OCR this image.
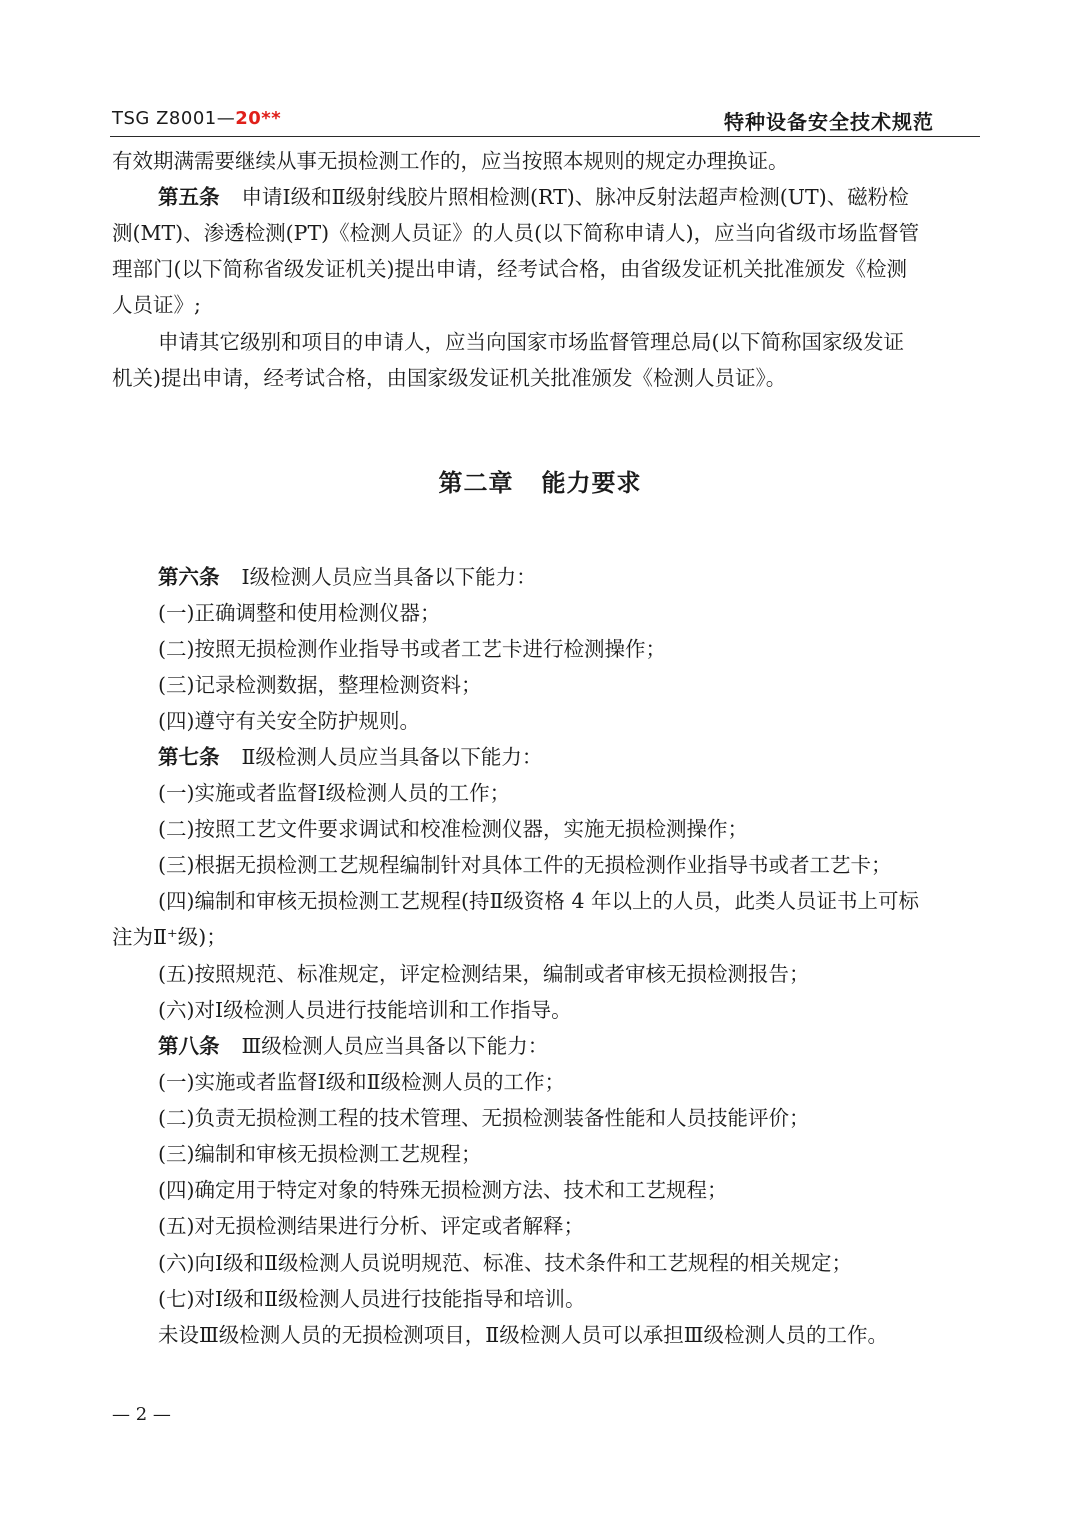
TSG Z8001—20**	特种设备安全技术规范
有效期满需要继续从事无损检测工作的，应当按照本规则的规定办理换证。
第五条 申请Ⅰ级和Ⅱ级射线胶片照相检测(RT)、脉冲反射法超声检测(UT)、磁粉检
测(MT)、渗透检测(PT)《检测人员证》的人员(以下简称申请人)，应当向省级市场监督管
理部门(以下简称省级发证机关)提出申请，经考试合格，由省级发证机关批准颁发《检测
人员证》;
申请其它级别和项目的申请人，应当向国家市场监督管理总局(以下简称国家级发证
机关)提出申请，经考试合格，由国家级发证机关批准颁发《检测人员证》。
第二章 能力要求
第六条 Ⅰ级检测人员应当具备以下能力：
(一)正确调整和使用检测仪器；
(二)按照无损检测作业指导书或者工艺卡进行检测操作；
(三)记录检测数据，整理检测资料；
(四)遵守有关安全防护规则。
第七条 Ⅱ级检测人员应当具备以下能力：
(一)实施或者监督Ⅰ级检测人员的工作；
(二)按照工艺文件要求调试和校准检测仪器，实施无损检测操作；
(三)根据无损检测工艺规程编制针对具体工件的无损检测作业指导书或者工艺卡；
(四)编制和审核无损检测工艺规程(持Ⅱ级资格 4 年以上的人员，此类人员证书上可标
注为Ⅱ⁺级)；
(五)按照规范、标准规定，评定检测结果，编制或者审核无损检测报告；
(六)对Ⅰ级检测人员进行技能培训和工作指导。
第八条 Ⅲ级检测人员应当具备以下能力：
(一)实施或者监督Ⅰ级和Ⅱ级检测人员的工作；
(二)负责无损检测工程的技术管理、无损检测装备性能和人员技能评价；
(三)编制和审核无损检测工艺规程；
(四)确定用于特定对象的特殊无损检测方法、技术和工艺规程；
(五)对无损检测结果进行分析、评定或者解释；
(六)向Ⅰ级和Ⅱ级检测人员说明规范、标准、技术条件和工艺规程的相关规定；
(七)对Ⅰ级和Ⅱ级检测人员进行技能指导和培训。
未设Ⅲ级检测人员的无损检测项目，Ⅱ级检测人员可以承担Ⅲ级检测人员的工作。
— 2 —
